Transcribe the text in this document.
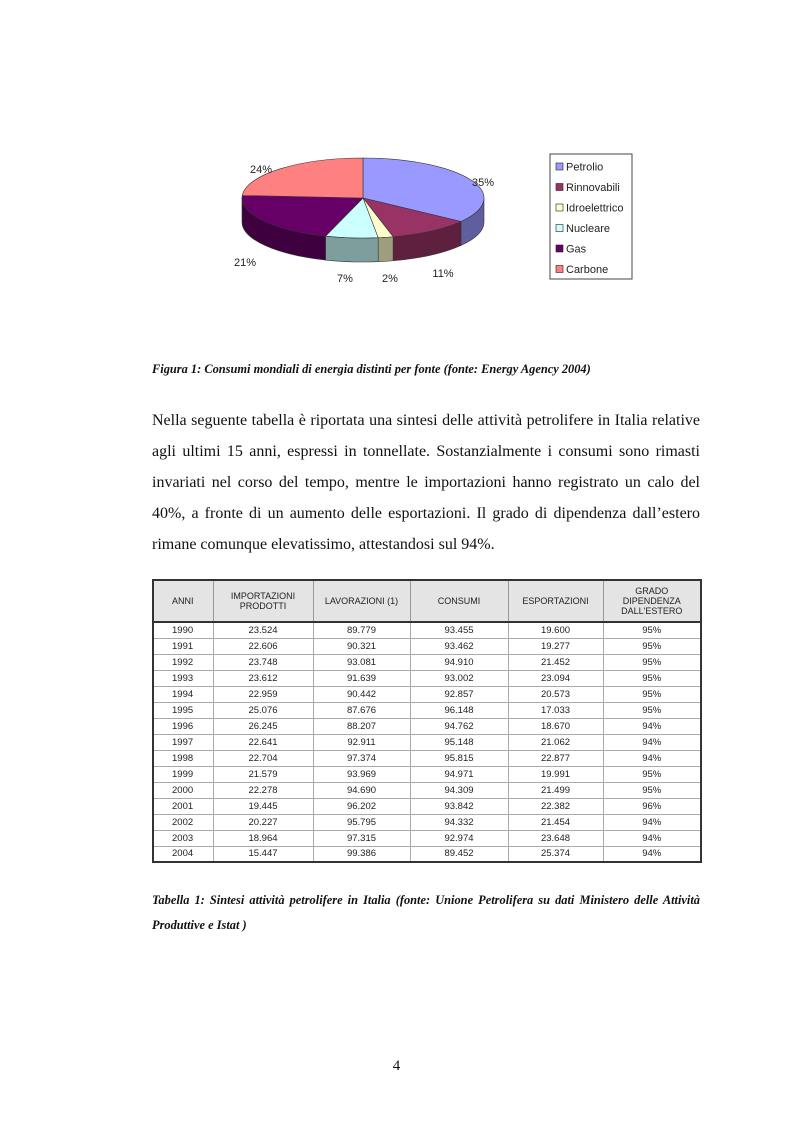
35%
11%
2%
7%
21%
24%	Petrolio
Rinnovabili
Idroelettrico
Nucleare
Gas
Carbone
Figura 1: Consumi mondiali di energia distinti per fonte (fonte: Energy Agency 2004)

Nella seguente tabella è riportata una sintesi delle attività petrolifere in Italia relative agli ultimi 15 anni, espressi in tonnellate. Sostanzialmente i consumi sono rimasti invariati nel corso del tempo, mentre le importazioni hanno registrato un calo del 40%, a fronte di un aumento delle esportazioni. Il grado di dipendenza dall’estero rimane comunque elevatissimo, attestandosi sul 94%.

ANNI	IMPORTAZIONI PRODOTTI	LAVORAZIONI (1)	CONSUMI	ESPORTAZIONI	GRADO DIPENDENZA DALL'ESTERO
1990	23.524	89.779	93.455	19.600	95%
1991	22.606	90.321	93.462	19.277	95%
1992	23.748	93.081	94.910	21.452	95%
1993	23.612	91.639	93.002	23.094	95%
1994	22.959	90.442	92.857	20.573	95%
1995	25.076	87.676	96.148	17.033	95%
1996	26.245	88.207	94.762	18.670	94%
1997	22.641	92.911	95.148	21.062	94%
1998	22.704	97.374	95.815	22.877	94%
1999	21.579	93.969	94.971	19.991	95%
2000	22.278	94.690	94.309	21.499	95%
2001	19.445	96.202	93.842	22.382	96%
2002	20.227	95.795	94.332	21.454	94%
2003	18.964	97.315	92.974	23.648	94%
2004	15.447	99.386	89.452	25.374	94%
Tabella 1: Sintesi attività petrolifere in Italia (fonte: Unione Petrolifera su dati Ministero delle Attività Produttive e Istat )
4
